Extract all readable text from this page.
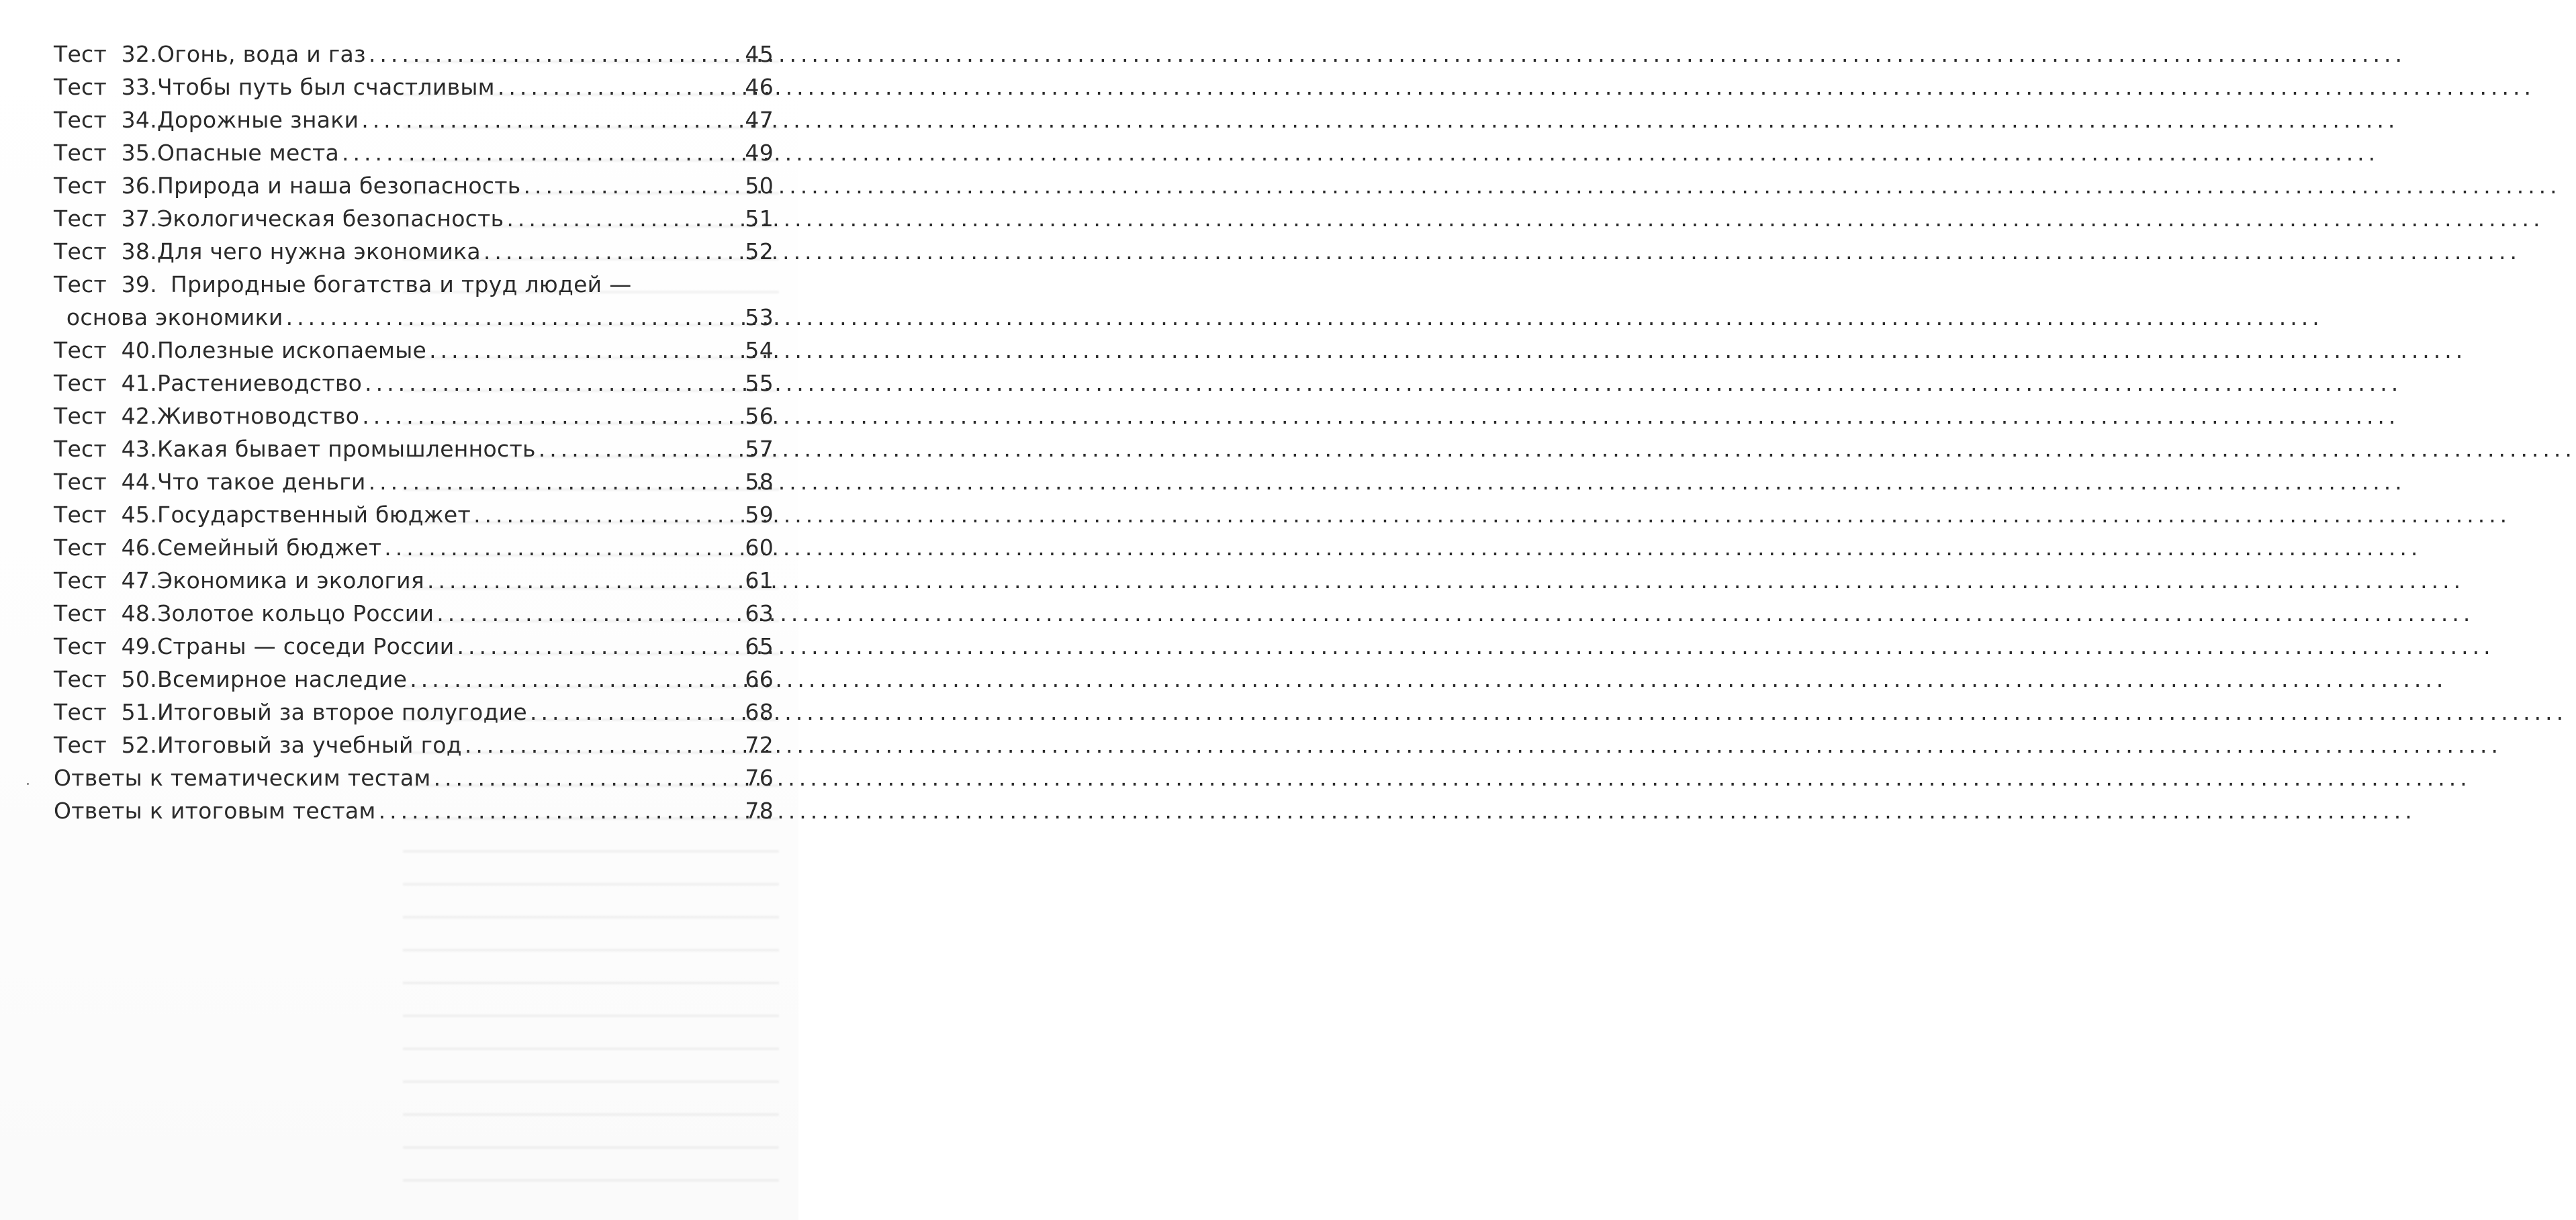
Тест 32. Огонь, вода и газ .....	45
Тест 33. Чтобы путь был счастливым .....	46
Тест 34. Дорожные знаки .....	47
Тест 35. Опасные места .....	49
Тест 36. Природа и наша безопасность .....	50
Тест 37. Экологическая безопасность .....	51
Тест 38. Для чего нужна экономика .....	52
Тест 39. Природные богатства и труд людей —
основа экономики .....	53
Тест 40. Полезные ископаемые .....	54
Тест 41. Растениеводство .....	55
Тест 42. Животноводство .....	56
Тест 43. Какая бывает промышленность .....	57
Тест 44. Что такое деньги .....	58
Тест 45. Государственный бюджет .....	59
Тест 46. Семейный бюджет .....	60
Тест 47. Экономика и экология .....	61
Тест 48. Золотое кольцо России .....	63
Тест 49. Страны — соседи России .....	65
Тест 50. Всемирное наследие .....	66
Тест 51. Итоговый за второе полугодие .....	68
Тест 52. Итоговый за учебный год .....	72
Ответы к тематическим тестам .....	76
Ответы к итоговым тестам .....	78
